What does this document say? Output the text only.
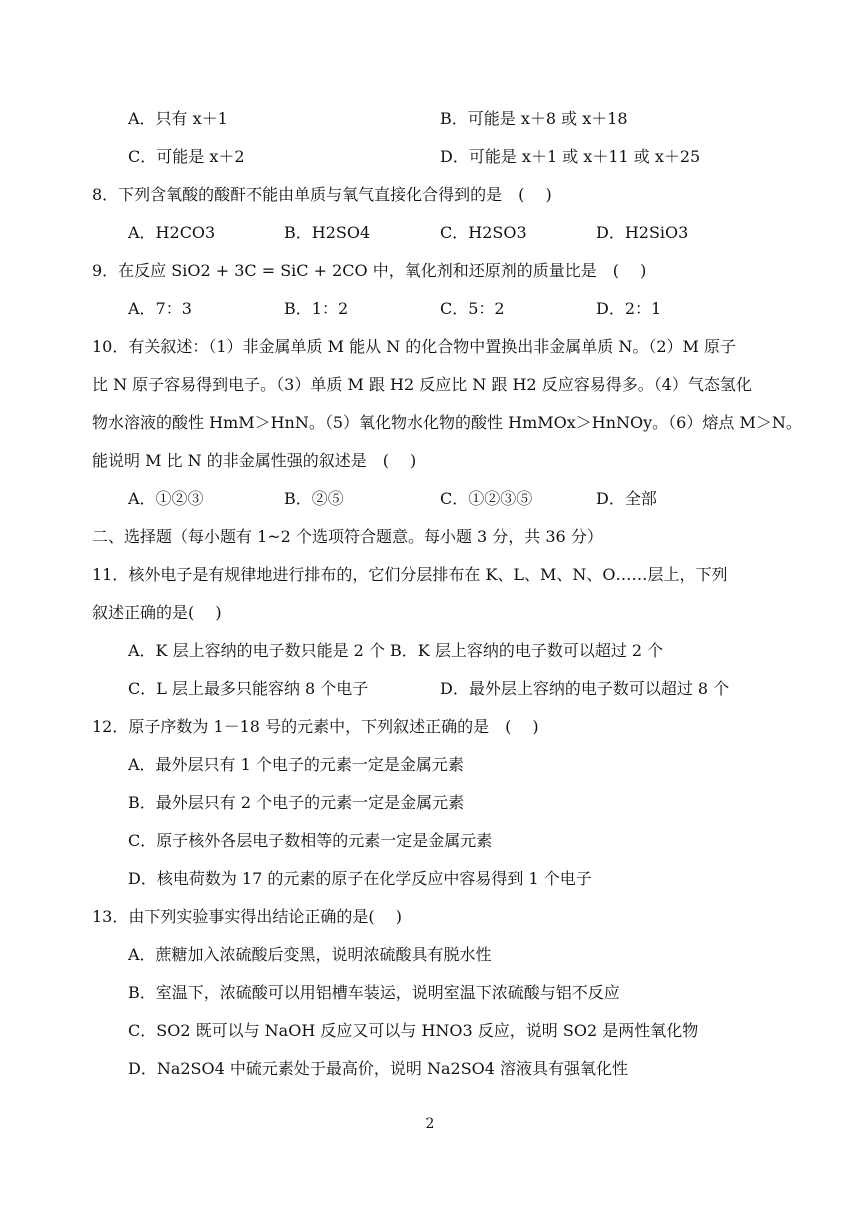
A．只有 x＋1	B．可能是 x＋8 或 x＋18
C．可能是 x＋2	D．可能是 x＋1 或 x＋11 或 x＋25
8．下列含氧酸的酸酐不能由单质与氧气直接化合得到的是　(　 )
A．H2CO3	B．H2SO4	C．H2SO3	D．H2SiO3
9．在反应 SiO2 + 3C = SiC + 2CO 中，氧化剂和还原剂的质量比是　(　 )
A．7：3	B．1：2	C．5：2	D．2：1
10．有关叙述：（1）非金属单质 M 能从 N 的化合物中置换出非金属单质 N。（2）M 原子
比 N 原子容易得到电子。（3）单质 M 跟 H2 反应比 N 跟 H2 反应容易得多。（4）气态氢化
物水溶液的酸性 HmM＞HnN。（5）氧化物水化物的酸性 HmMOx＞HnNOy。（6）熔点 M＞N。
能说明 M 比 N 的非金属性强的叙述是　(　 )
A．①②③	B．②⑤	C．①②③⑤	D．全部
二、选择题（每小题有 1~2 个选项符合题意。每小题 3 分，共 36 分）
11．核外电子是有规律地进行排布的，它们分层排布在 K、L、M、N、O……层上，下列
叙述正确的是(　 )
A．K 层上容纳的电子数只能是 2 个 B．K 层上容纳的电子数可以超过 2 个
C．L 层上最多只能容纳 8 个电子	D．最外层上容纳的电子数可以超过 8 个
12．原子序数为 1－18 号的元素中，下列叙述正确的是　(　 )
A．最外层只有 1 个电子的元素一定是金属元素
B．最外层只有 2 个电子的元素一定是金属元素
C．原子核外各层电子数相等的元素一定是金属元素
D．核电荷数为 17 的元素的原子在化学反应中容易得到 1 个电子
13．由下列实验事实得出结论正确的是(　 )
A．蔗糖加入浓硫酸后变黑，说明浓硫酸具有脱水性
B．室温下，浓硫酸可以用铝槽车装运，说明室温下浓硫酸与铝不反应
C．SO2 既可以与 NaOH 反应又可以与 HNO3 反应，说明 SO2 是两性氧化物
D．Na2SO4 中硫元素处于最高价，说明 Na2SO4 溶液具有强氧化性
2
